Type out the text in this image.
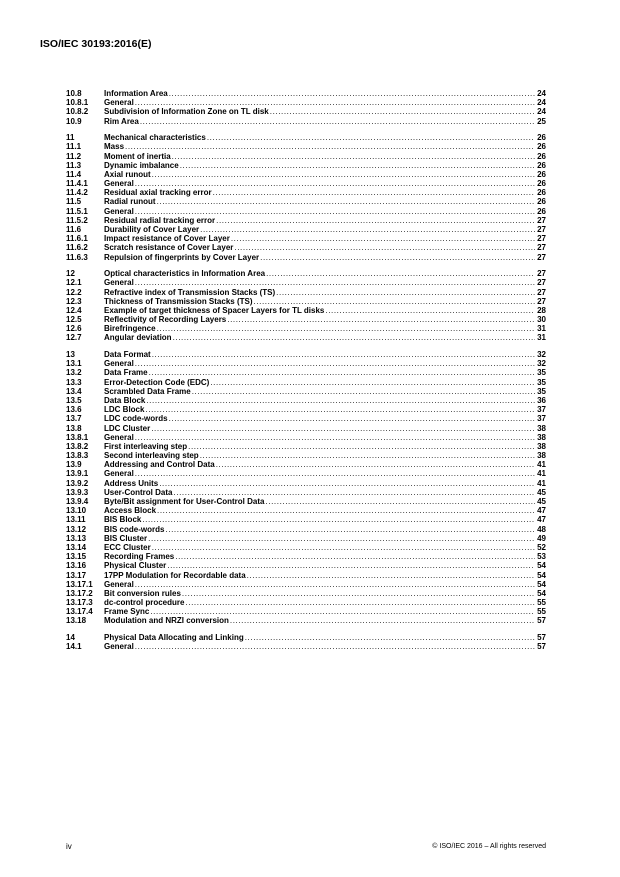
ISO/IEC 30193:2016(E)
10.8	Information Area .....	24
10.8.1	General .....	24
10.8.2	Subdivision of Information Zone on TL disk .....	24
10.9	Rim Area .....	25
11	Mechanical characteristics .....	26
11.1	Mass .....	26
11.2	Moment of inertia .....	26
11.3	Dynamic imbalance .....	26
11.4	Axial runout .....	26
11.4.1	General .....	26
11.4.2	Residual axial tracking error .....	26
11.5	Radial runout .....	26
11.5.1	General .....	26
11.5.2	Residual radial tracking error .....	27
11.6	Durability of Cover Layer .....	27
11.6.1	Impact resistance of Cover Layer .....	27
11.6.2	Scratch resistance of Cover Layer .....	27
11.6.3	Repulsion of fingerprints by Cover Layer .....	27
12	Optical characteristics in Information Area .....	27
12.1	General .....	27
12.2	Refractive index of Transmission Stacks (TS) .....	27
12.3	Thickness of Transmission Stacks (TS) .....	27
12.4	Example of target thickness of Spacer Layers for TL disks .....	28
12.5	Reflectivity of Recording Layers .....	30
12.6	Birefringence .....	31
12.7	Angular deviation .....	31
13	Data Format .....	32
13.1	General .....	32
13.2	Data Frame .....	35
13.3	Error-Detection Code (EDC) .....	35
13.4	Scrambled Data Frame .....	35
13.5	Data Block .....	36
13.6	LDC Block .....	37
13.7	LDC code-words .....	37
13.8	LDC Cluster .....	38
13.8.1	General .....	38
13.8.2	First interleaving step .....	38
13.8.3	Second interleaving step .....	38
13.9	Addressing and Control Data .....	41
13.9.1	General .....	41
13.9.2	Address Units .....	41
13.9.3	User-Control Data .....	45
13.9.4	Byte/Bit assignment for User-Control Data .....	45
13.10	Access Block .....	47
13.11	BIS Block .....	47
13.12	BIS code-words .....	48
13.13	BIS Cluster .....	49
13.14	ECC Cluster .....	52
13.15	Recording Frames .....	53
13.16	Physical Cluster .....	54
13.17	17PP Modulation for Recordable data .....	54
13.17.1	General .....	54
13.17.2	Bit conversion rules .....	54
13.17.3	dc-control procedure .....	55
13.17.4	Frame Sync .....	55
13.18	Modulation and NRZI conversion .....	57
14	Physical Data Allocating and Linking .....	57
14.1	General .....	57
iv	© ISO/IEC 2016 – All rights reserved
